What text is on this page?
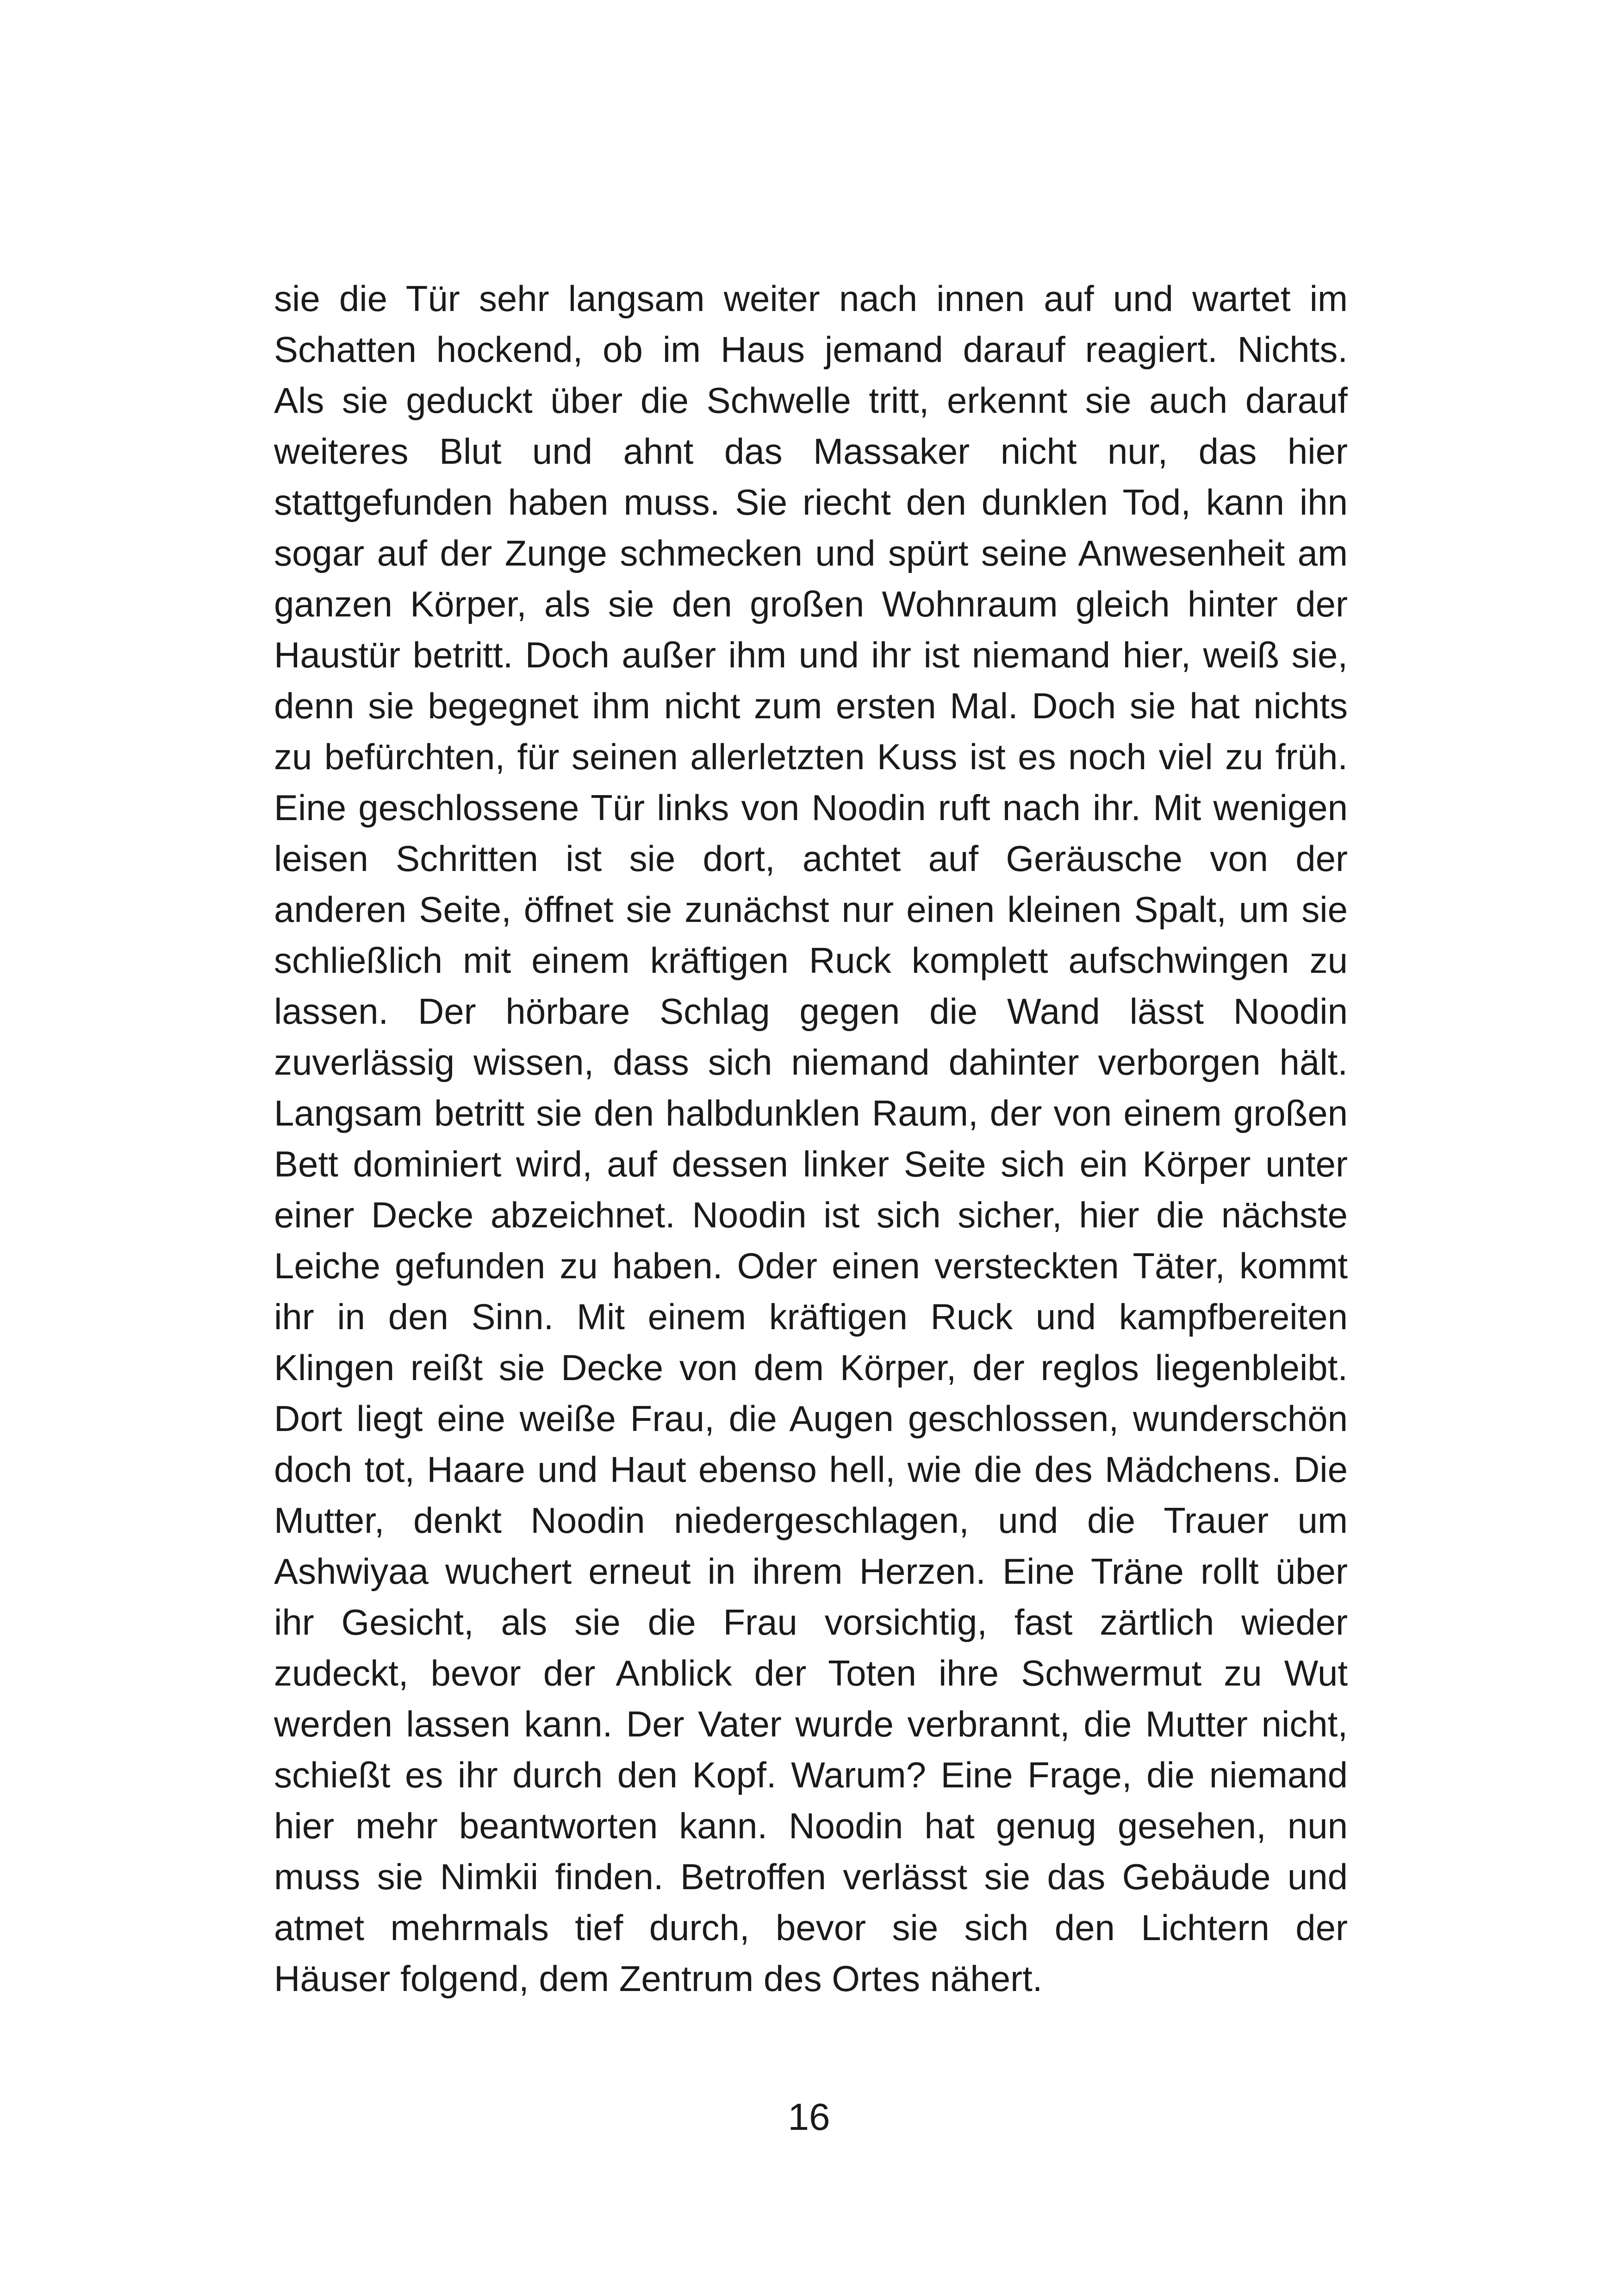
sie die Tür sehr langsam weiter nach innen auf und wartet im
Schatten hockend, ob im Haus jemand darauf reagiert. Nichts.
Als sie geduckt über die Schwelle tritt, erkennt sie auch darauf
weiteres Blut und ahnt das Massaker nicht nur, das hier
stattgefunden haben muss. Sie riecht den dunklen Tod, kann ihn
sogar auf der Zunge schmecken und spürt seine Anwesenheit am
ganzen Körper, als sie den großen Wohnraum gleich hinter der
Haustür betritt. Doch außer ihm und ihr ist niemand hier, weiß sie,
denn sie begegnet ihm nicht zum ersten Mal. Doch sie hat nichts
zu befürchten, für seinen allerletzten Kuss ist es noch viel zu früh.
Eine geschlossene Tür links von Noodin ruft nach ihr. Mit wenigen
leisen Schritten ist sie dort, achtet auf Geräusche von der
anderen Seite, öffnet sie zunächst nur einen kleinen Spalt, um sie
schließlich mit einem kräftigen Ruck komplett aufschwingen zu
lassen. Der hörbare Schlag gegen die Wand lässt Noodin
zuverlässig wissen, dass sich niemand dahinter verborgen hält.
Langsam betritt sie den halbdunklen Raum, der von einem großen
Bett dominiert wird, auf dessen linker Seite sich ein Körper unter
einer Decke abzeichnet. Noodin ist sich sicher, hier die nächste
Leiche gefunden zu haben. Oder einen versteckten Täter, kommt
ihr in den Sinn. Mit einem kräftigen Ruck und kampfbereiten
Klingen reißt sie Decke von dem Körper, der reglos liegenbleibt.
Dort liegt eine weiße Frau, die Augen geschlossen, wunderschön
doch tot, Haare und Haut ebenso hell, wie die des Mädchens. Die
Mutter, denkt Noodin niedergeschlagen, und die Trauer um
Ashwiyaa wuchert erneut in ihrem Herzen. Eine Träne rollt über
ihr Gesicht, als sie die Frau vorsichtig, fast zärtlich wieder
zudeckt, bevor der Anblick der Toten ihre Schwermut zu Wut
werden lassen kann. Der Vater wurde verbrannt, die Mutter nicht,
schießt es ihr durch den Kopf. Warum? Eine Frage, die niemand
hier mehr beantworten kann. Noodin hat genug gesehen, nun
muss sie Nimkii finden. Betroffen verlässt sie das Gebäude und
atmet mehrmals tief durch, bevor sie sich den Lichtern der
Häuser folgend, dem Zentrum des Ortes nähert.
16
